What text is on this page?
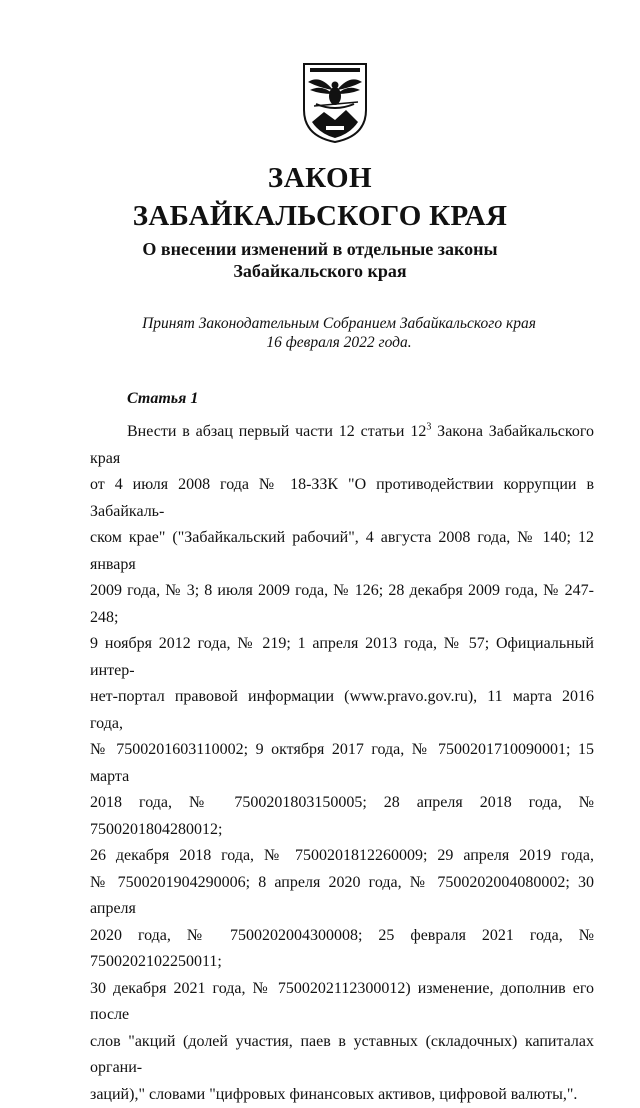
ЗАКОН
ЗАБАЙКАЛЬСКОГО КРАЯ
О внесении изменений в отдельные законы
Забайкальского края
Принят Законодательным Собранием Забайкальского края
16 февраля 2022 года.
Статья 1
Внести в абзац первый части 12 статьи $12^3$ Закона Забайкальского края
от 4 июля 2008 года № 18-ЗЗК "О противодействии коррупции в Забайкаль-
ском крае" ("Забайкальский рабочий", 4 августа 2008 года, № 140; 12 января
2009 года, № 3; 8 июля 2009 года, № 126; 28 декабря 2009 года, № 247-248;
9 ноября 2012 года, № 219; 1 апреля 2013 года, № 57; Официальный интер-
нет-портал правовой информации (www.pravo.gov.ru), 11 марта 2016 года,
№ 7500201603110002; 9 октября 2017 года, № 7500201710090001; 15 марта
2018 года, № 7500201803150005; 28 апреля 2018 года, № 7500201804280012;
26 декабря 2018 года, № 7500201812260009; 29 апреля 2019 года,
№ 7500201904290006; 8 апреля 2020 года, № 7500202004080002; 30 апреля
2020 года, № 7500202004300008; 25 февраля 2021 года, № 7500202102250011;
30 декабря 2021 года, № 7500202112300012) изменение, дополнив его после
слов "акций (долей участия, паев в уставных (складочных) капиталах органи-
заций)," словами "цифровых финансовых активов, цифровой валюты,".
